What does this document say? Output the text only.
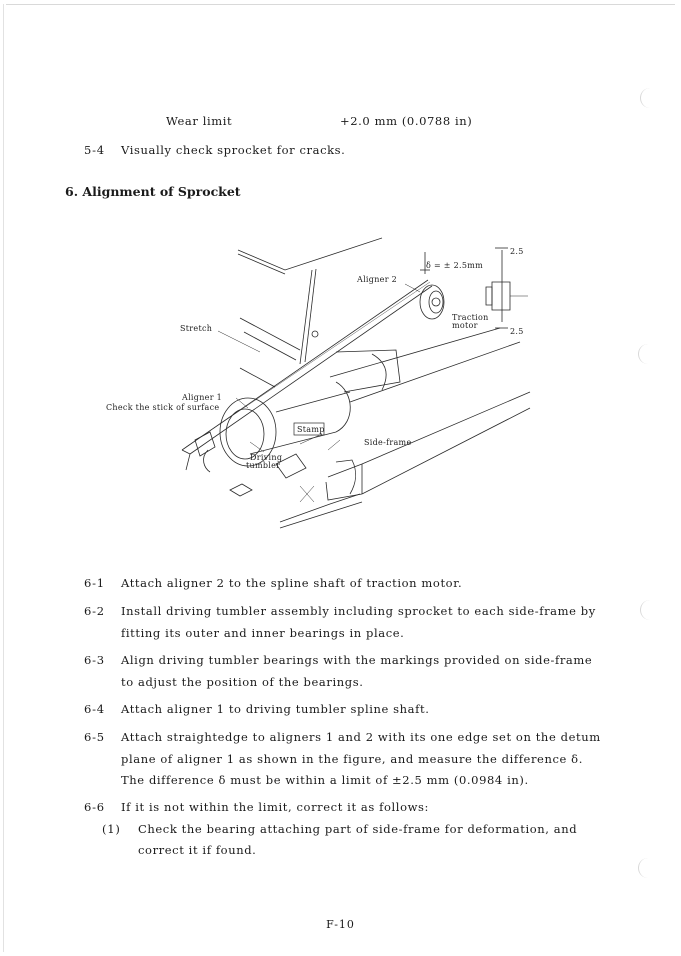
Wear limit	+2.0 mm (0.0788 in)
5-4 Visually check sprocket for cracks.
6. Alignment of Sprocket
δ = ± 2.5mm
2.5
2.5
Aligner 2
Traction
motor
Stretch
Aligner 1
Check the stick of surface
Stamp
Side-frame
Driving
tumbler
6-1 Attach aligner 2 to the spline shaft of traction motor.
6-2 Install driving tumbler assembly including sprocket to each side-frame by
fitting its outer and inner bearings in place.
6-3 Align driving tumbler bearings with the markings provided on side-frame
to adjust the position of the bearings.
6-4 Attach aligner 1 to driving tumbler spline shaft.
6-5 Attach straightedge to aligners 1 and 2 with its one edge set on the detum
plane of aligner 1 as shown in the figure, and measure the difference δ.
The difference δ must be within a limit of ±2.5 mm (0.0984 in).
6-6 If it is not within the limit, correct it as follows:
(1) Check the bearing attaching part of side-frame for deformation, and
correct it if found.
F-10
